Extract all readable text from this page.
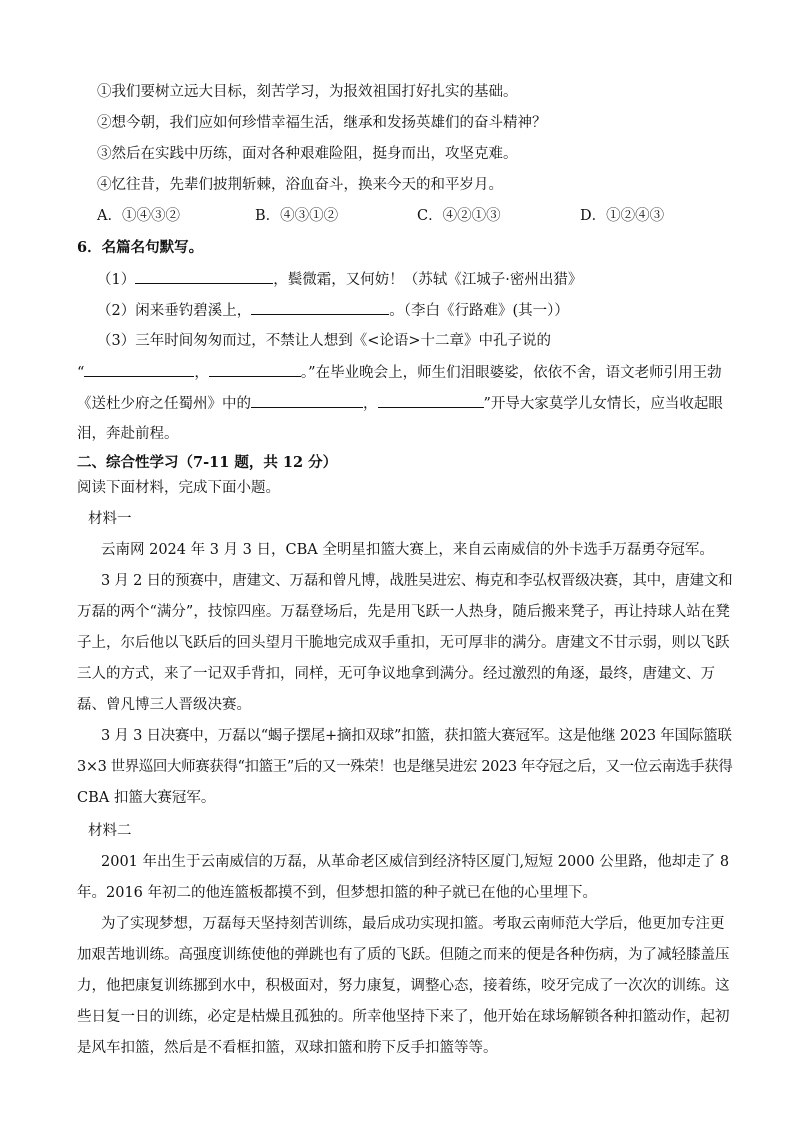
①我们要树立远大目标，刻苦学习，为报效祖国打好扎实的基础。
②想今朝，我们应如何珍惜幸福生活，继承和发扬英雄们的奋斗精神？
③然后在实践中历练，面对各种艰难险阻，挺身而出，攻坚克难。
④忆往昔，先辈们披荆斩棘，浴血奋斗，换来今天的和平岁月。
A．①④③②	B．④③①②	C．④②①③	D．①②④③
6．名篇名句默写。
（1）	，鬓微霜，又何妨！（苏轼《江城子·密州出猎》
（2）闲来垂钓碧溪上，	。（李白《行路难》(其一））
（3）三年时间匆匆而过，不禁让人想到《<论语>十二章》中孔子说的
“	，	。”在毕业晚会上，师生们泪眼婆娑，依依不舍，语文老师引用王勃
《送杜少府之任蜀州》中的	，	”开导大家莫学儿女情长，应当收起眼
泪，奔赴前程。
二、综合性学习（7-11 题，共 12 分）
阅读下面材料，完成下面小题。
材料一
云南网 2024 年 3 月 3 日，CBA 全明星扣篮大赛上，来自云南威信的外卡选手万磊勇夺冠军。
3 月 2 日的预赛中，唐建文、万磊和曾凡博，战胜吴进宏、梅克和李弘权晋级决赛，其中，唐建文和
万磊的两个“满分”，技惊四座。万磊登场后，先是用飞跃一人热身，随后搬来凳子，再让持球人站在凳
子上，尔后他以飞跃后的回头望月干脆地完成双手重扣，无可厚非的满分。唐建文不甘示弱，则以飞跃
三人的方式，来了一记双手背扣，同样，无可争议地拿到满分。经过激烈的角逐，最终，唐建文、万
磊、曾凡博三人晋级决赛。
3 月 3 日决赛中，万磊以“蝎子摆尾+摘扣双球”扣篮，获扣篮大赛冠军。这是他继 2023 年国际篮联
3×3 世界巡回大师赛获得“扣篮王”后的又一殊荣！也是继吴进宏 2023 年夺冠之后，又一位云南选手获得
CBA 扣篮大赛冠军。
材料二
2001 年出生于云南威信的万磊，从革命老区威信到经济特区厦门,短短 2000 公里路，他却走了 8
年。2016 年初二的他连篮板都摸不到，但梦想扣篮的种子就已在他的心里埋下。
为了实现梦想，万磊每天坚持刻苦训练，最后成功实现扣篮。考取云南师范大学后，他更加专注更
加艰苦地训练。高强度训练使他的弹跳也有了质的飞跃。但随之而来的便是各种伤病，为了减轻膝盖压
力，他把康复训练挪到水中，积极面对，努力康复，调整心态，接着练，咬牙完成了一次次的训练。这
些日复一日的训练，必定是枯燥且孤独的。所幸他坚持下来了，他开始在球场解锁各种扣篮动作，起初
是风车扣篮，然后是不看框扣篮，双球扣篮和胯下反手扣篮等等。
